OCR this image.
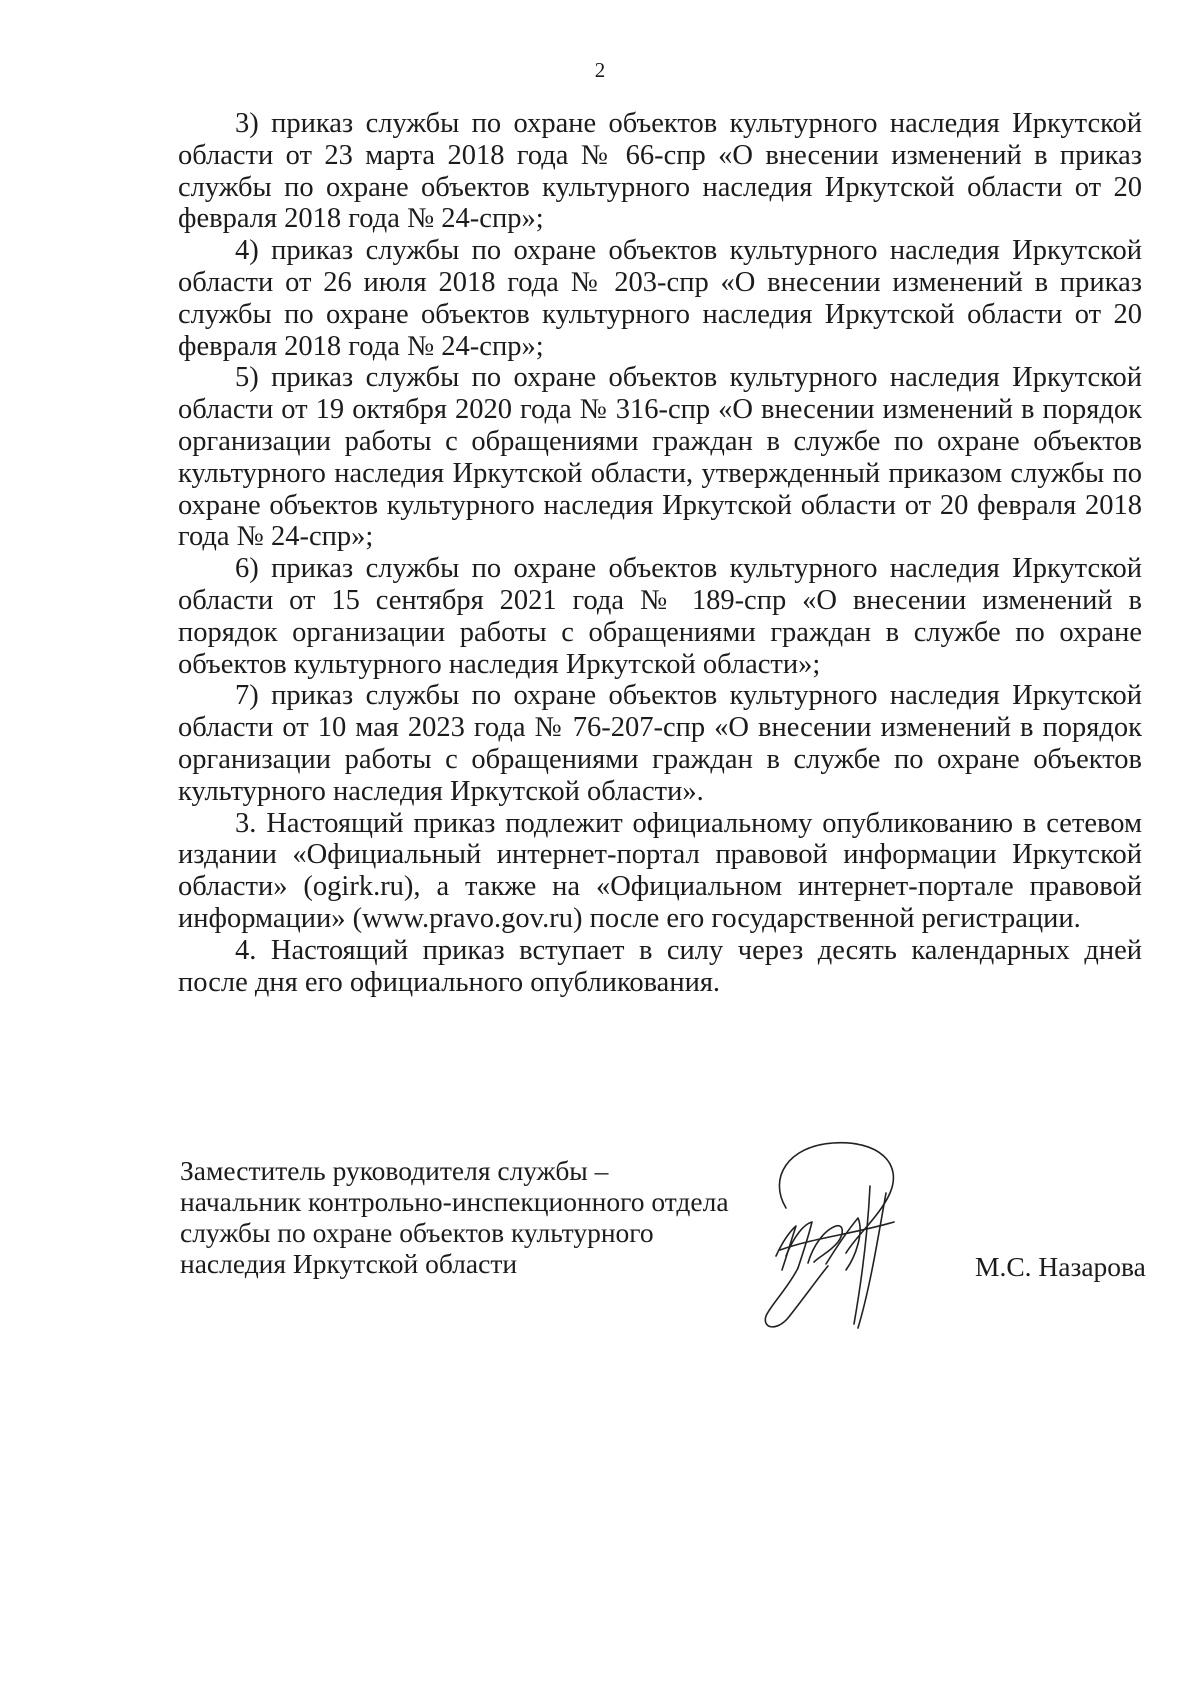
2

3) приказ службы по охране объектов культурного наследия Иркутской области от 23 марта 2018 года № 66-спр «О внесении изменений в приказ службы по охране объектов культурного наследия Иркутской области от 20 февраля 2018 года № 24-спр»;

4) приказ службы по охране объектов культурного наследия Иркутской области от 26 июля 2018 года № 203-спр «О внесении изменений в приказ службы по охране объектов культурного наследия Иркутской области от 20 февраля 2018 года № 24-спр»;

5) приказ службы по охране объектов культурного наследия Иркутской области от 19 октября 2020 года № 316-спр «О внесении изменений в порядок организации работы с обращениями граждан в службе по охране объектов культурного наследия Иркутской области, утвержденный приказом службы по охране объектов культурного наследия Иркутской области от 20 февраля 2018 года № 24-спр»;

6) приказ службы по охране объектов культурного наследия Иркутской области от 15 сентября 2021 года № 189-спр «О внесении изменений в порядок организации работы с обращениями граждан в службе по охране объектов культурного наследия Иркутской области»;

7) приказ службы по охране объектов культурного наследия Иркутской области от 10 мая 2023 года № 76-207-спр «О внесении изменений в порядок организации работы с обращениями граждан в службе по охране объектов культурного наследия Иркутской области».

3. Настоящий приказ подлежит официальному опубликованию в сетевом издании «Официальный интернет-портал правовой информации Иркутской области» (ogirk.ru), а также на «Официальном интернет-портале правовой информации» (www.pravo.gov.ru) после его государственной регистрации.

4. Настоящий приказ вступает в силу через десять календарных дней после дня его официального опубликования.

Заместитель руководителя службы –

начальник контрольно-инспекционного отдела

службы по охране объектов культурного

наследия Иркутской области	М.С. Назарова
